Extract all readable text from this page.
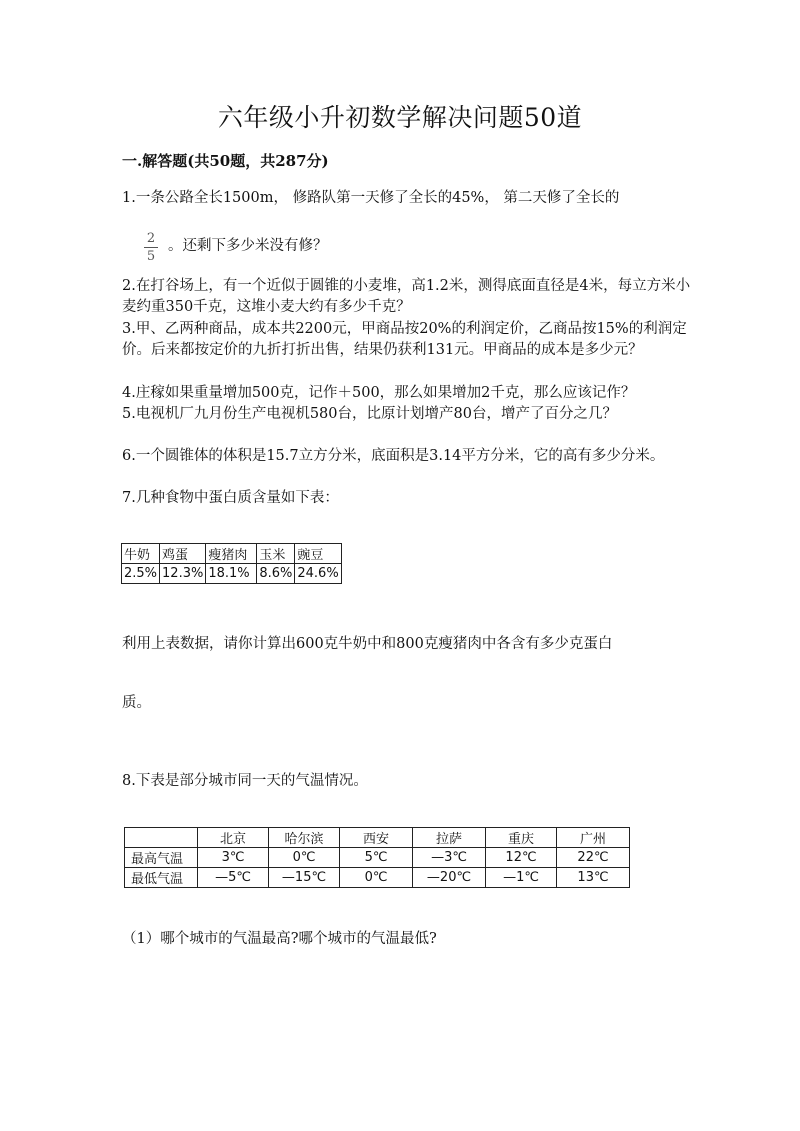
六年级小升初数学解决问题50道
一.解答题(共50题，共287分)
1.一条公路全长1500m， 修路队第一天修了全长的45%， 第二天修了全长的
2
5
。还剩下多少米没有修？
2.在打谷场上，有一个近似于圆锥的小麦堆，高1.2米，测得底面直径是4米，每立方米小麦约重350千克，这堆小麦大约有多少千克？
3.甲、乙两种商品，成本共2200元，甲商品按20%的利润定价，乙商品按15%的利润定价。后来都按定价的九折打折出售，结果仍获利131元。甲商品的成本是多少元？
4.庄稼如果重量增加500克，记作＋500，那么如果增加2千克，那么应该记作？
5.电视机厂九月份生产电视机580台，比原计划增产80台，增产了百分之几？
6.一个圆锥体的体积是15.7立方分米，底面积是3.14平方分米，它的高有多少分米。
7.几种食物中蛋白质含量如下表：
牛奶	鸡蛋	瘦猪肉	玉米	豌豆
2.5%	12.3%	18.1%	8.6%	24.6%
利用上表数据，请你计算出600克牛奶中和800克瘦猪肉中各含有多少克蛋白
质。
8.下表是部分城市同一天的气温情况。
	北京	哈尔滨	西安	拉萨	重庆	广州
最高气温	3℃	0℃	5℃	—3℃	12℃	22℃
最低气温	—5℃	—15℃	0℃	—20℃	—1℃	13℃
（1）哪个城市的气温最高?哪个城市的气温最低?
